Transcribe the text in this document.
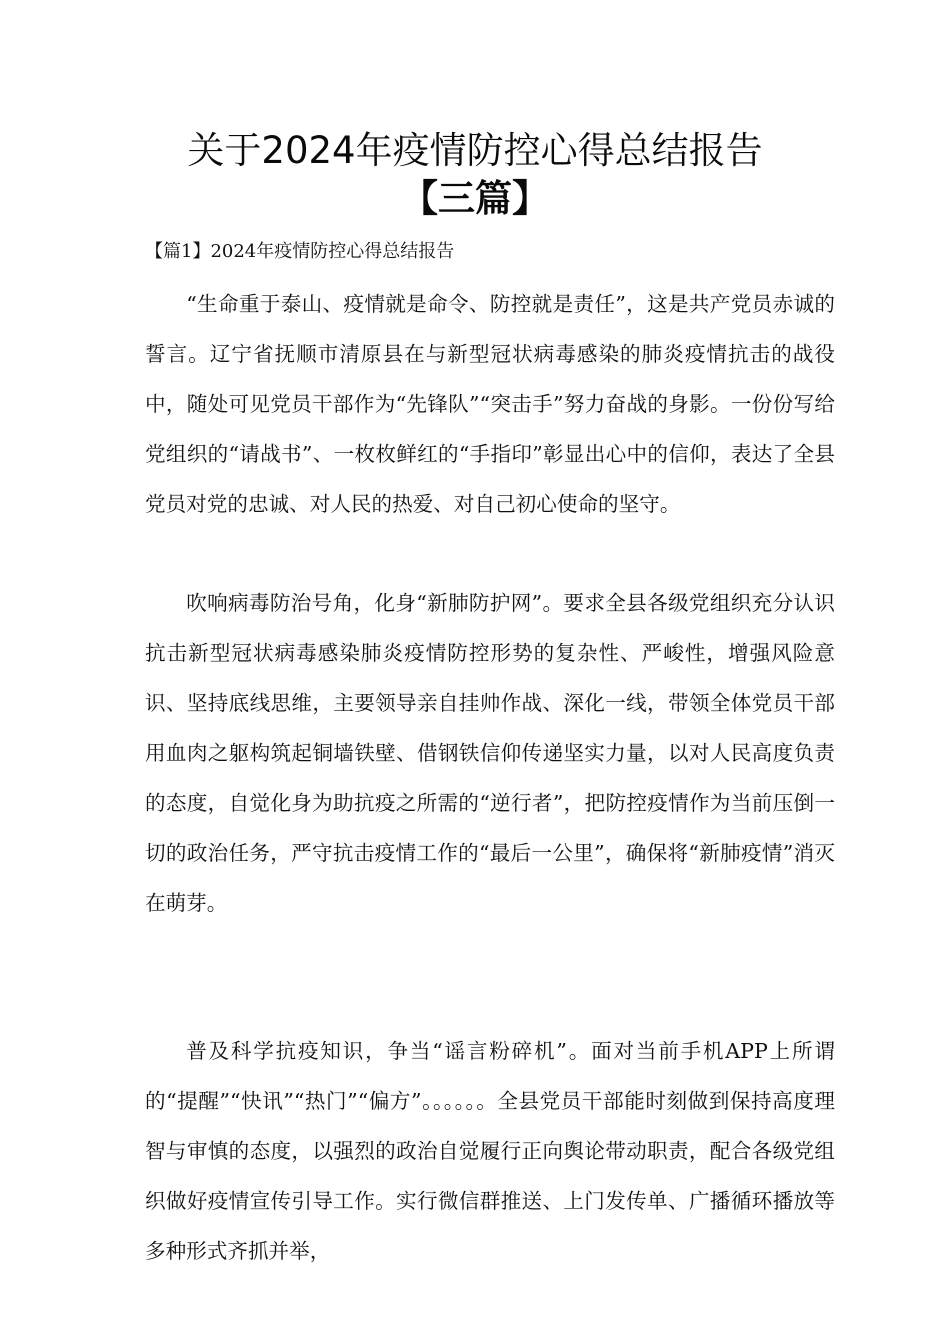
关于2024年疫情防控心得总结报告
【三篇】
【篇1】2024年疫情防控心得总结报告

“生命重于泰山、疫情就是命令、防控就是责任”，这是共产党员赤诚的誓言。辽宁省抚顺市清原县在与新型冠状病毒感染的肺炎疫情抗击的战役中，随处可见党员干部作为“先锋队”“突击手”努力奋战的身影。一份份写给党组织的“请战书”、一枚枚鲜红的“手指印”彰显出心中的信仰，表达了全县党员对党的忠诚、对人民的热爱、对自己初心使命的坚守。

吹响病毒防治号角，化身“新肺防护网”。要求全县各级党组织充分认识抗击新型冠状病毒感染肺炎疫情防控形势的复杂性、严峻性，增强风险意识、坚持底线思维，主要领导亲自挂帅作战、深化一线，带领全体党员干部用血肉之躯构筑起铜墙铁壁、借钢铁信仰传递坚实力量，以对人民高度负责的态度，自觉化身为助抗疫之所需的“逆行者”，把防控疫情作为当前压倒一切的政治任务，严守抗击疫情工作的“最后一公里”，确保将“新肺疫情”消灭在萌芽。

普及科学抗疫知识，争当“谣言粉碎机”。面对当前手机APP上所谓的“提醒”“快讯”“热门”“偏方”。。。。。。全县党员干部能时刻做到保持高度理智与审慎的态度，以强烈的政治自觉履行正向舆论带动职责，配合各级党组织做好疫情宣传引导工作。实行微信群推送、上门发传单、广播循环播放等多种形式齐抓并举，
